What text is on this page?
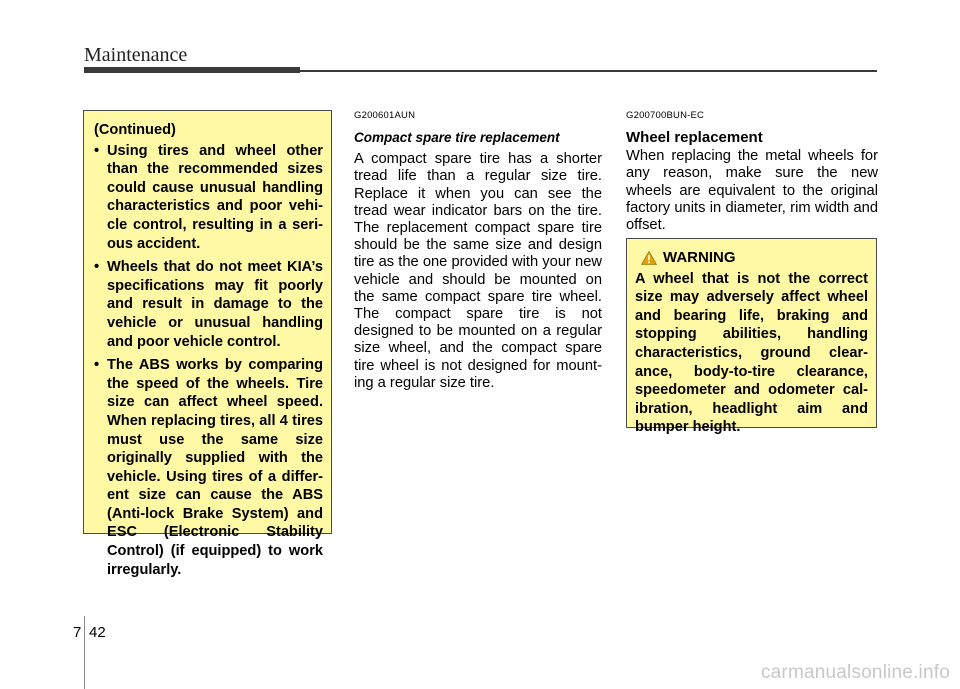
Maintenance
(Continued)
• Using tires and wheel other than the recommended sizes could cause unusual handling characteristics and poor vehi-cle control, resulting in a seri-ous accident.
• Wheels that do not meet KIA’s specifications may fit poorly and result in damage to the vehicle or unusual handling and poor vehicle control.
• The ABS works by comparing the speed of the wheels. Tire size can affect wheel speed. When replacing tires, all 4 tires must use the same size originally supplied with the vehicle. Using tires of a differ-ent size can cause the ABS (Anti-lock Brake System) and ESC (Electronic Stability Control) (if equipped) to work irregularly.

G200601AUN

Compact spare tire replacement

A compact spare tire has a shorter tread life than a regular size tire. Replace it when you can see the tread wear indicator bars on the tire. The replacement compact spare tire should be the same size and design tire as the one provided with your new vehicle and should be mounted on the same compact spare tire wheel. The compact spare tire is not designed to be mounted on a regular size wheel, and the compact spare tire wheel is not designed for mount-ing a regular size tire.

G200700BUN-EC

Wheel replacement

When replacing the metal wheels for any reason, make sure the new wheels are equivalent to the original factory units in diameter, rim width and offset.

WARNING
A wheel that is not the correct size may adversely affect wheel and bearing life, braking and stopping abilities, handling characteristics, ground clear-ance, body-to-tire clearance, speedometer and odometer cal-ibration, headlight aim and bumper height.
7 42
carmanualsonline.info
